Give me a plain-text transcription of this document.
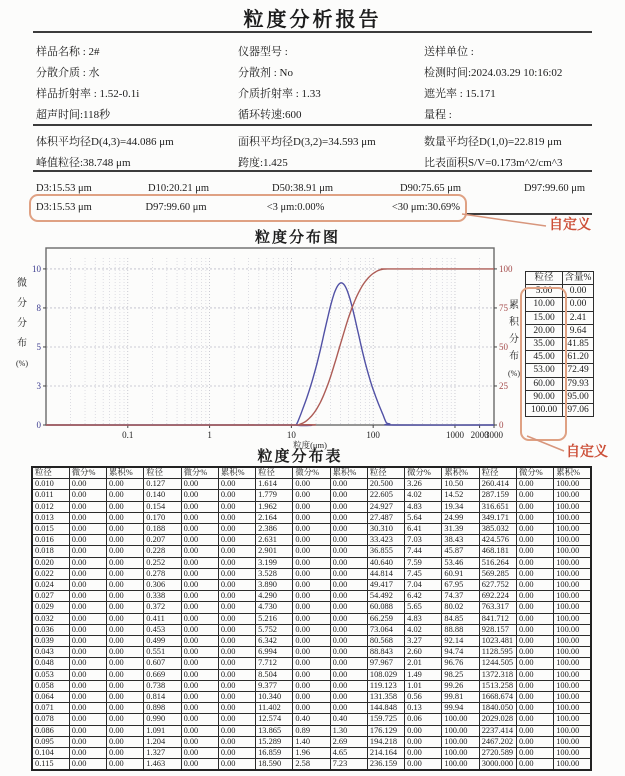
粒度分析报告
样品名称 : 2#	仪器型号 :	送样单位 :
分散介质 : 水	分散剂 : No	检测时间:2024.03.29 10:16:02
样品折射率 : 1.52-0.1i	介质折射率 : 1.33	遮光率 : 15.171
超声时间:118秒	循环转速:600	量程 :
体积平均径D(4,3)=44.086 μm	面积平均径D(3,2)=34.593 μm	数量平均径D(1,0)=22.819 μm
峰值粒径:38.748 μm	跨度:1.425	比表面积S/V=0.173m^2/cm^3
D3:15.53 μm	D10:20.21 μm	D50:38.91 μm	D90:75.65 μm	D97:99.60 μm
D3:15.53 μm	D97:99.60 μm	<3 μm:0.00%	<30 μm:30.69%
自定义
粒度分布图
0
3
5
8
10
0
25
50
75
100
0.1	1	10	100	1000 2000
3000
粒度(μm)
微
分
分
布
(%)
累
积
分
布
(%)
粒径	含量%
5.00	0.00
10.00	0.00
15.00	2.41
20.00	9.64
35.00	41.85
45.00	61.20
53.00	72.49
60.00	79.93
90.00	95.00
100.00	97.06
自定义
粒度分布表
粒径	微分%	累积%	粒径	微分%	累积%	粒径	微分%	累积%	粒径	微分%	累积%	粒径	微分%	累积%
0.010	0.00	0.00	0.127	0.00	0.00	1.614	0.00	0.00	20.500	3.26	10.50	260.414	0.00	100.00
0.011	0.00	0.00	0.140	0.00	0.00	1.779	0.00	0.00	22.605	4.02	14.52	287.159	0.00	100.00
0.012	0.00	0.00	0.154	0.00	0.00	1.962	0.00	0.00	24.927	4.83	19.34	316.651	0.00	100.00
0.013	0.00	0.00	0.170	0.00	0.00	2.164	0.00	0.00	27.487	5.64	24.99	349.171	0.00	100.00
0.015	0.00	0.00	0.188	0.00	0.00	2.386	0.00	0.00	30.310	6.41	31.39	385.032	0.00	100.00
0.016	0.00	0.00	0.207	0.00	0.00	2.631	0.00	0.00	33.423	7.03	38.43	424.576	0.00	100.00
0.018	0.00	0.00	0.228	0.00	0.00	2.901	0.00	0.00	36.855	7.44	45.87	468.181	0.00	100.00
0.020	0.00	0.00	0.252	0.00	0.00	3.199	0.00	0.00	40.640	7.59	53.46	516.264	0.00	100.00
0.022	0.00	0.00	0.278	0.00	0.00	3.528	0.00	0.00	44.814	7.45	60.91	569.285	0.00	100.00
0.024	0.00	0.00	0.306	0.00	0.00	3.890	0.00	0.00	49.417	7.04	67.95	627.752	0.00	100.00
0.027	0.00	0.00	0.338	0.00	0.00	4.290	0.00	0.00	54.492	6.42	74.37	692.224	0.00	100.00
0.029	0.00	0.00	0.372	0.00	0.00	4.730	0.00	0.00	60.088	5.65	80.02	763.317	0.00	100.00
0.032	0.00	0.00	0.411	0.00	0.00	5.216	0.00	0.00	66.259	4.83	84.85	841.712	0.00	100.00
0.036	0.00	0.00	0.453	0.00	0.00	5.752	0.00	0.00	73.064	4.02	88.88	928.157	0.00	100.00
0.039	0.00	0.00	0.499	0.00	0.00	6.342	0.00	0.00	80.568	3.27	92.14	1023.481	0.00	100.00
0.043	0.00	0.00	0.551	0.00	0.00	6.994	0.00	0.00	88.843	2.60	94.74	1128.595	0.00	100.00
0.048	0.00	0.00	0.607	0.00	0.00	7.712	0.00	0.00	97.967	2.01	96.76	1244.505	0.00	100.00
0.053	0.00	0.00	0.669	0.00	0.00	8.504	0.00	0.00	108.029	1.49	98.25	1372.318	0.00	100.00
0.058	0.00	0.00	0.738	0.00	0.00	9.377	0.00	0.00	119.123	1.01	99.26	1513.258	0.00	100.00
0.064	0.00	0.00	0.814	0.00	0.00	10.340	0.00	0.00	131.358	0.56	99.81	1668.674	0.00	100.00
0.071	0.00	0.00	0.898	0.00	0.00	11.402	0.00	0.00	144.848	0.13	99.94	1840.050	0.00	100.00
0.078	0.00	0.00	0.990	0.00	0.00	12.574	0.40	0.40	159.725	0.06	100.00	2029.028	0.00	100.00
0.086	0.00	0.00	1.091	0.00	0.00	13.865	0.89	1.30	176.129	0.00	100.00	2237.414	0.00	100.00
0.095	0.00	0.00	1.204	0.00	0.00	15.289	1.40	2.69	194.218	0.00	100.00	2467.202	0.00	100.00
0.104	0.00	0.00	1.327	0.00	0.00	16.859	1.96	4.65	214.164	0.00	100.00	2720.589	0.00	100.00
0.115	0.00	0.00	1.463	0.00	0.00	18.590	2.58	7.23	236.159	0.00	100.00	3000.000	0.00	100.00
